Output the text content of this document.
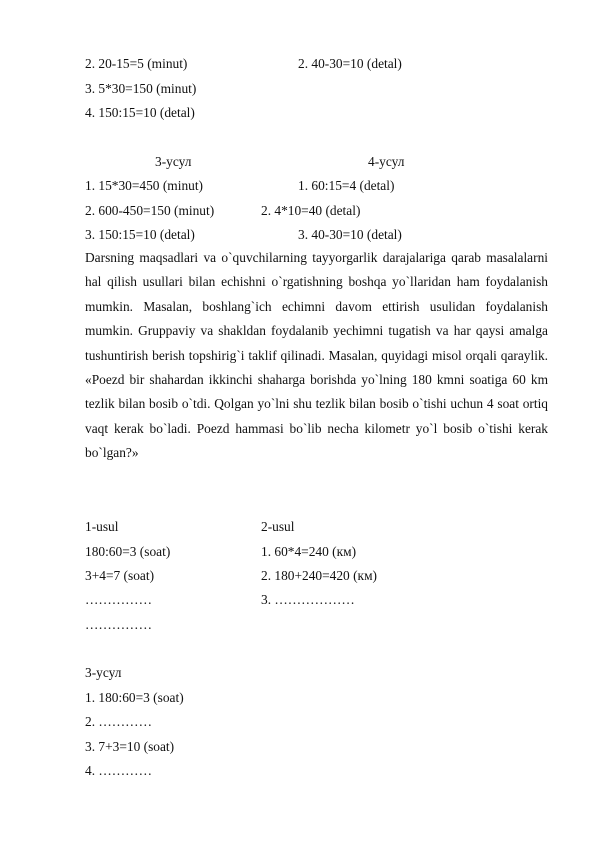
2. 20-15=5 (minut)	2. 40-30=10 (detal)
3. 5*30=150 (minut)
4. 150:15=10 (detal)
3-усул	4-усул
1. 15*30=450 (minut)	1. 60:15=4 (detal)
2. 600-450=150 (minut)	2. 4*10=40 (detal)
3. 150:15=10 (detal)	3. 40-30=10 (detal)
Darsning maqsadlari va o`quvchilarning tayyorgarlik darajalariga qarab masalalarni hal qilish usullari bilan echishni o`rgatishning boshqa yo`llaridan ham foydalanish mumkin. Masalan, boshlang`ich echimni davom ettirish usulidan foydalanish mumkin. Gruppaviy va shakldan foydalanib yechimni tugatish va har qaysi amalga tushuntirish berish topshirig`i taklif qilinadi. Masalan, quyidagi misol orqali qaraylik. «Poezd bir shahardan ikkinchi shaharga borishda yo`lning 180 kmni soatiga 60 km tezlik bilan bosib o`tdi. Qolgan yo`lni shu tezlik bilan bosib o`tishi uchun 4 soat ortiq vaqt kerak bo`ladi. Poezd hammasi bo`lib necha kilometr yo`l bosib o`tishi kerak bo`lgan?»
1-usul	2-usul
180:60=3 (soat)	1. 60*4=240 (км)
3+4=7 (soat)	2. 180+240=420 (км)
……………	3. ………………
……………
3-усул
1. 180:60=3 (soat)
2. …………
3. 7+3=10 (soat)
4. …………
